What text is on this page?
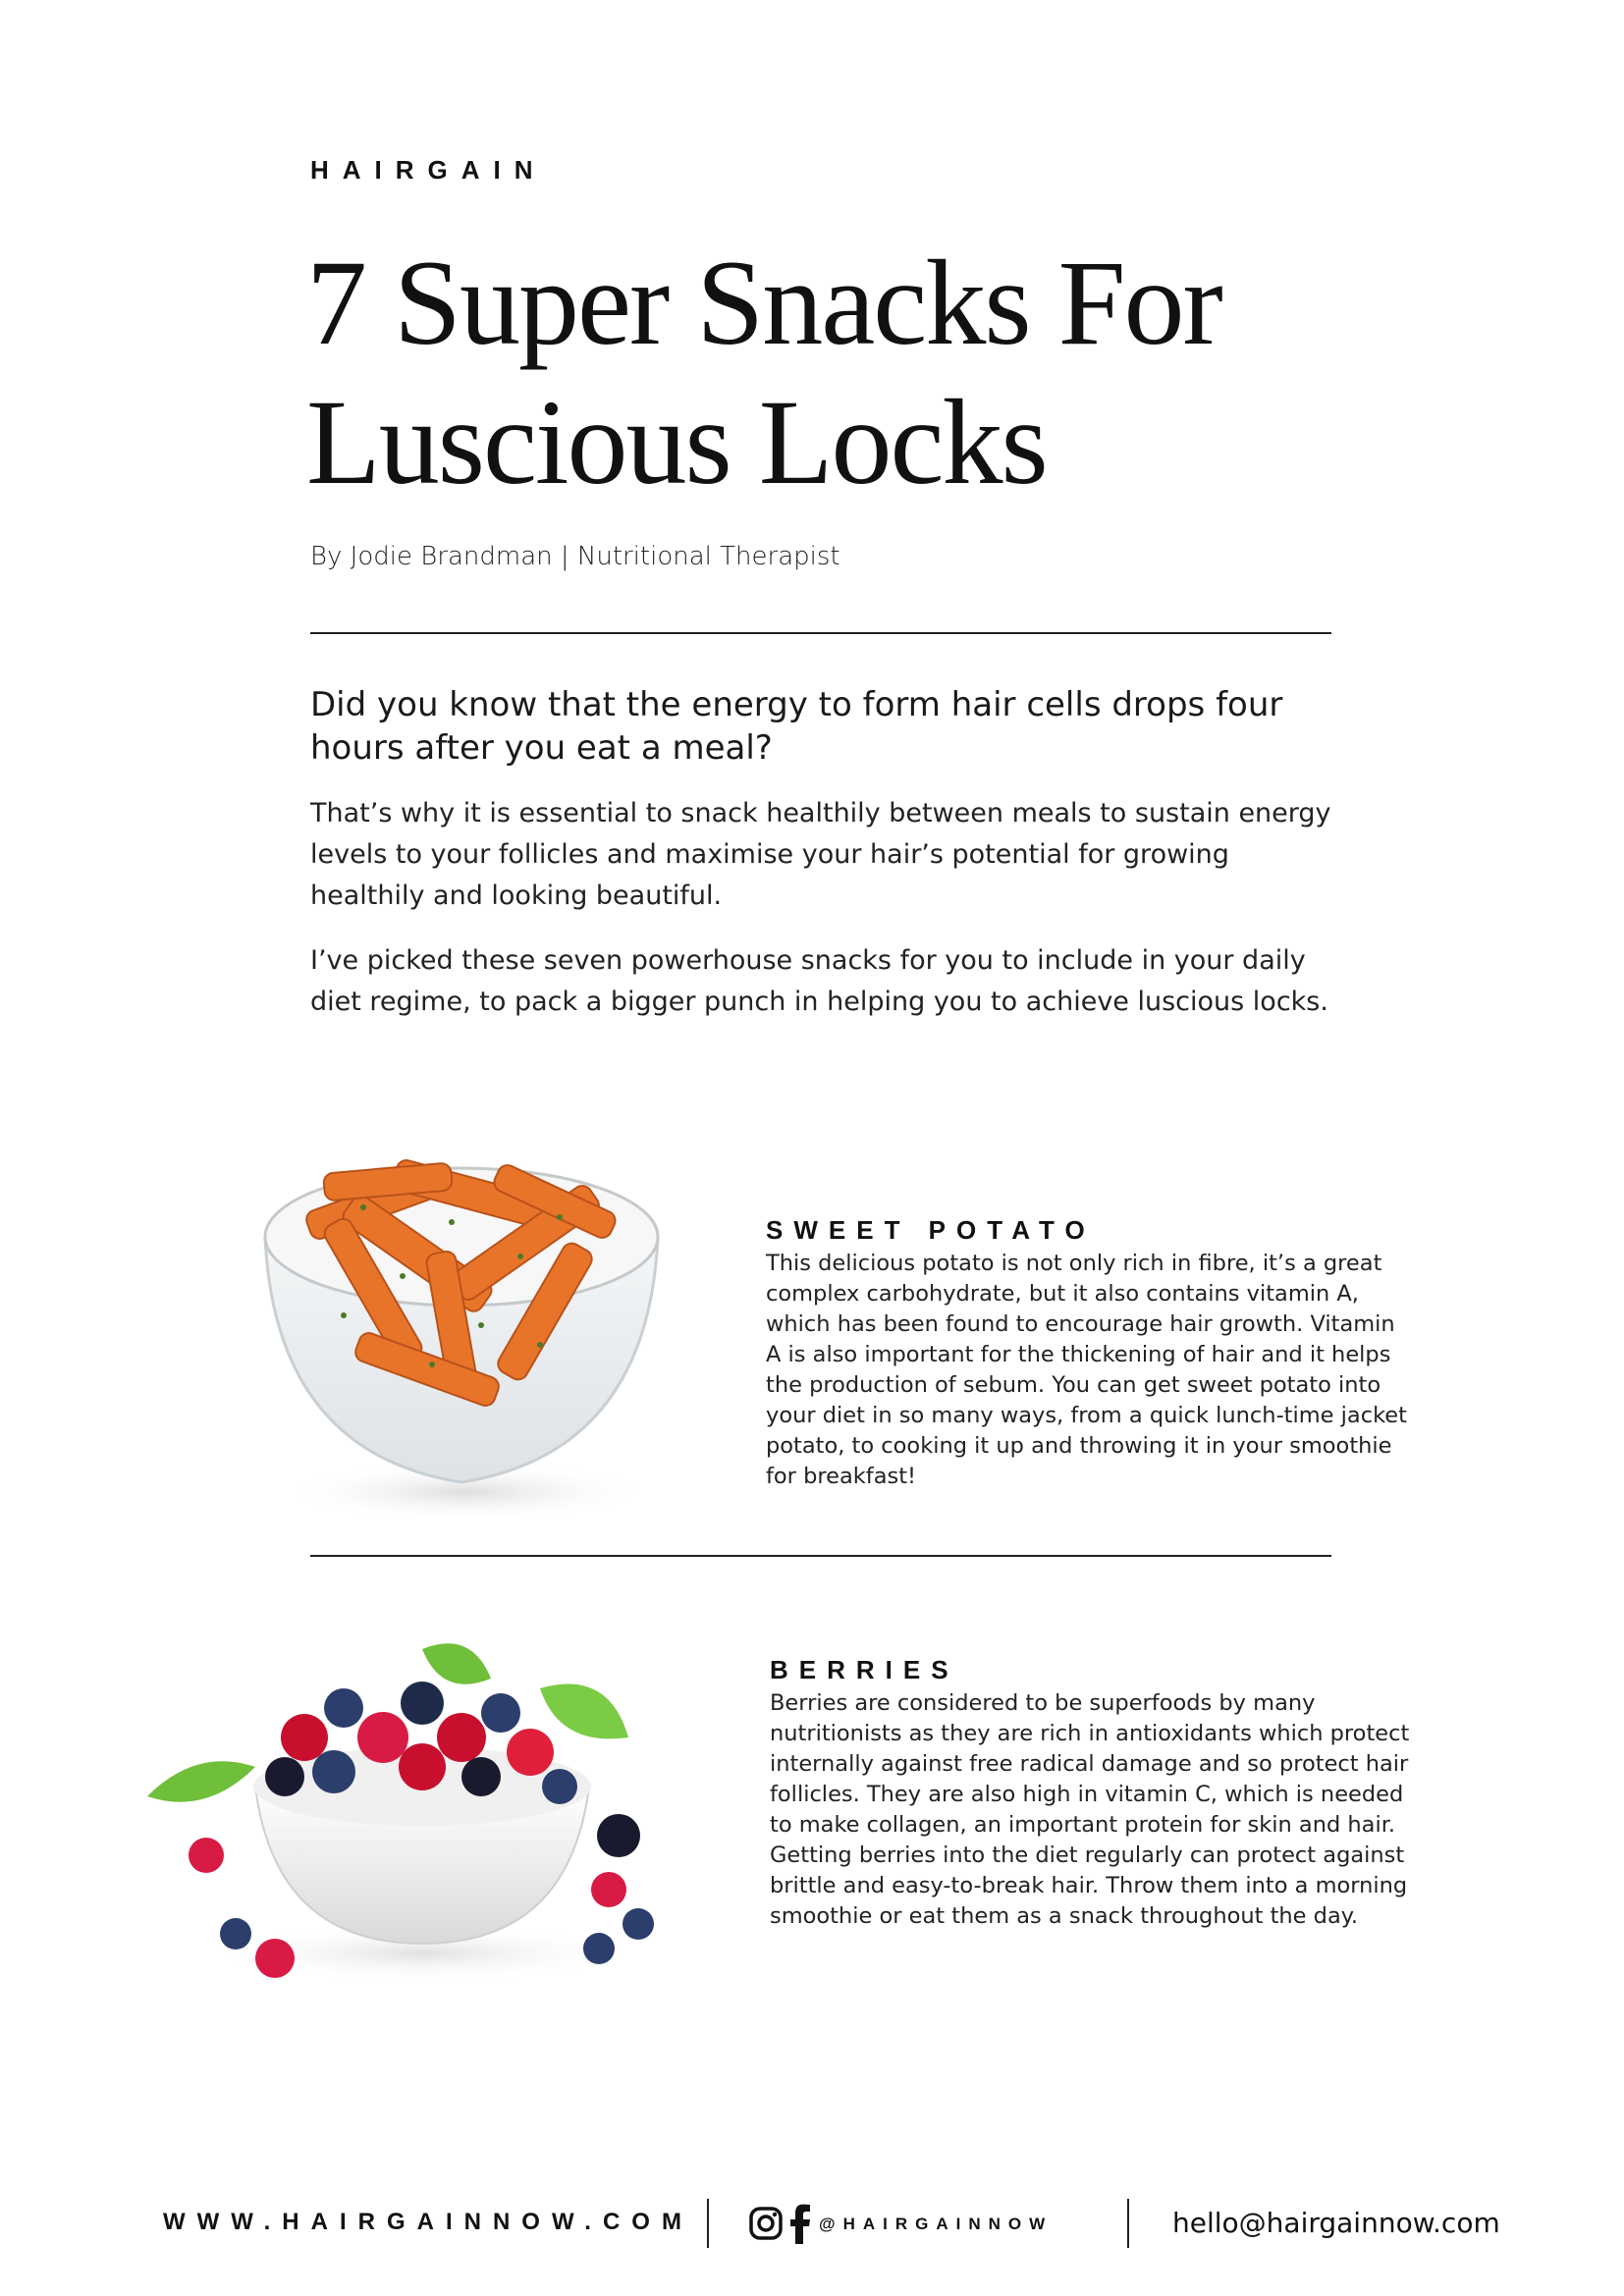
HAIRGAIN
7 Super Snacks For
Luscious Locks
By Jodie Brandman | Nutritional Therapist
Did you know that the energy to form hair cells drops four hours after you eat a meal?
That’s why it is essential to snack healthily between meals to sustain energy levels to your follicles and maximise your hair’s potential for growing healthily and looking beautiful.
I’ve picked these seven powerhouse snacks for you to include in your daily diet regime, to pack a bigger punch in helping you to achieve luscious locks.
SWEET POTATO
This delicious potato is not only rich in fibre, it’s a great complex carbohydrate, but it also contains vitamin A, which has been found to encourage hair growth. Vitamin A is also important for the thickening of hair and it helps the production of sebum. You can get sweet potato into your diet in so many ways, from a quick lunch-time jacket potato, to cooking it up and throwing it in your smoothie for breakfast!
BERRIES
Berries are considered to be superfoods by many nutritionists as they are rich in antioxidants which protect internally against free radical damage and so protect hair follicles. They are also high in vitamin C, which is needed to make collagen, an important protein for skin and hair. Getting berries into the diet regularly can protect against brittle and easy-to-break hair. Throw them into a morning smoothie or eat them as a snack throughout the day.
WWW.HAIRGAINNOW.COM	@HAIRGAINNOW	hello@hairgainnow.com
